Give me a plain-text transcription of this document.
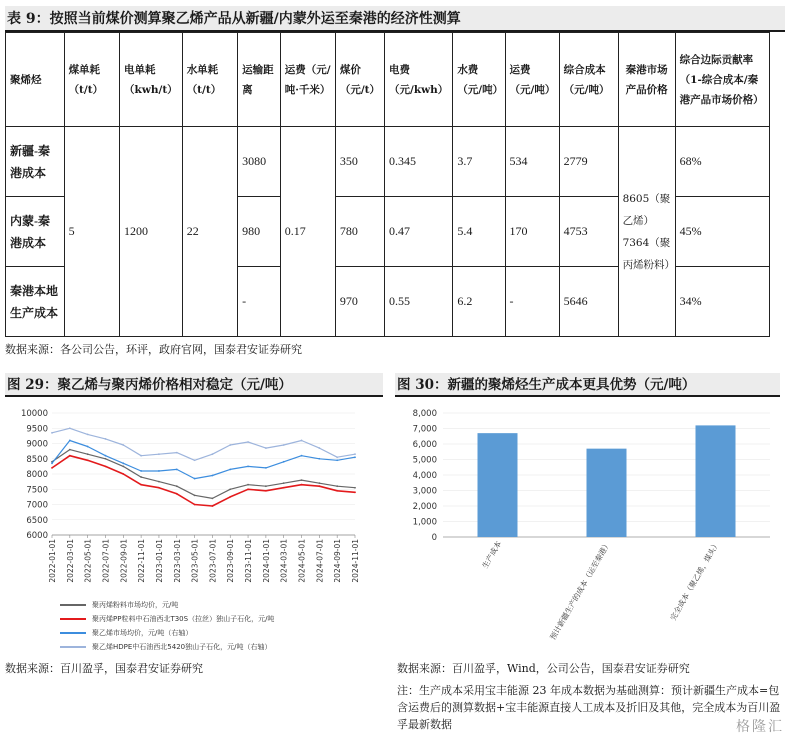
表 9：按照当前煤价测算聚乙烯产品从新疆/内蒙外运至秦港的经济性测算
聚烯烃	煤单耗（t/t）	电单耗（kwh/t）	水单耗（t/t）	运输距离	运费（元/吨·千米）	煤价（元/t）	电费（元/kwh）	水费（元/吨）	运费（元/吨）	综合成本（元/吨）	秦港市场产品价格	综合边际贡献率（1-综合成本/秦港产品市场价格）
新疆-秦港成本	5	1200	22	3080	0.17	350	0.345	3.7	534	2779	8605（聚乙烯）7364（聚丙烯粉料）	68%
内蒙-秦港成本				980		780	0.47	5.4	170	4753		45%
秦港本地生产成本				-		970	0.55	6.2	-	5646		34%
数据来源：各公司公告，环评，政府官网，国泰君安证券研究
图 29：聚乙烯与聚丙烯价格相对稳定（元/吨）	图 30：新疆的聚烯烃生产成本更具优势（元/吨）
6000
6500
7000
7500
8000
8500
9000
9500
10000
2022-01-01 2022-03-01 2022-05-01 2022-07-01 2022-09-01 2022-11-01 2023-01-01 2023-03-01 2023-05-01 2023-07-01 2023-09-01 2023-11-01 2024-01-01 2024-03-01 2024-05-01 2024-07-01 2024-09-01 2024-11-01
聚丙烯粉料市场均价，元/吨
聚丙烯PP粒料中石油西北T30S（拉丝）独山子石化，元/吨
聚乙烯市场均价，元/吨（右轴）
聚乙烯HDPE中石油西北5420独山子石化，元/吨（右轴）
0
1,000
2,000
3,000
4,000
5,000
6,000
7,000
8,000
生产成本	预计新疆生产的成本（运至秦港）	完全成本（聚乙烯，煤头）
数据来源：百川盈孚，国泰君安证券研究	数据来源：百川盈孚，Wind，公司公告，国泰君安证券研究
注：生产成本采用宝丰能源 23 年成本数据为基础测算：预计新疆生产成本=包含运费后的测算数据+宝丰能源直接人工成本及折旧及其他，完全成本为百川盈孚最新数据	格隆汇
